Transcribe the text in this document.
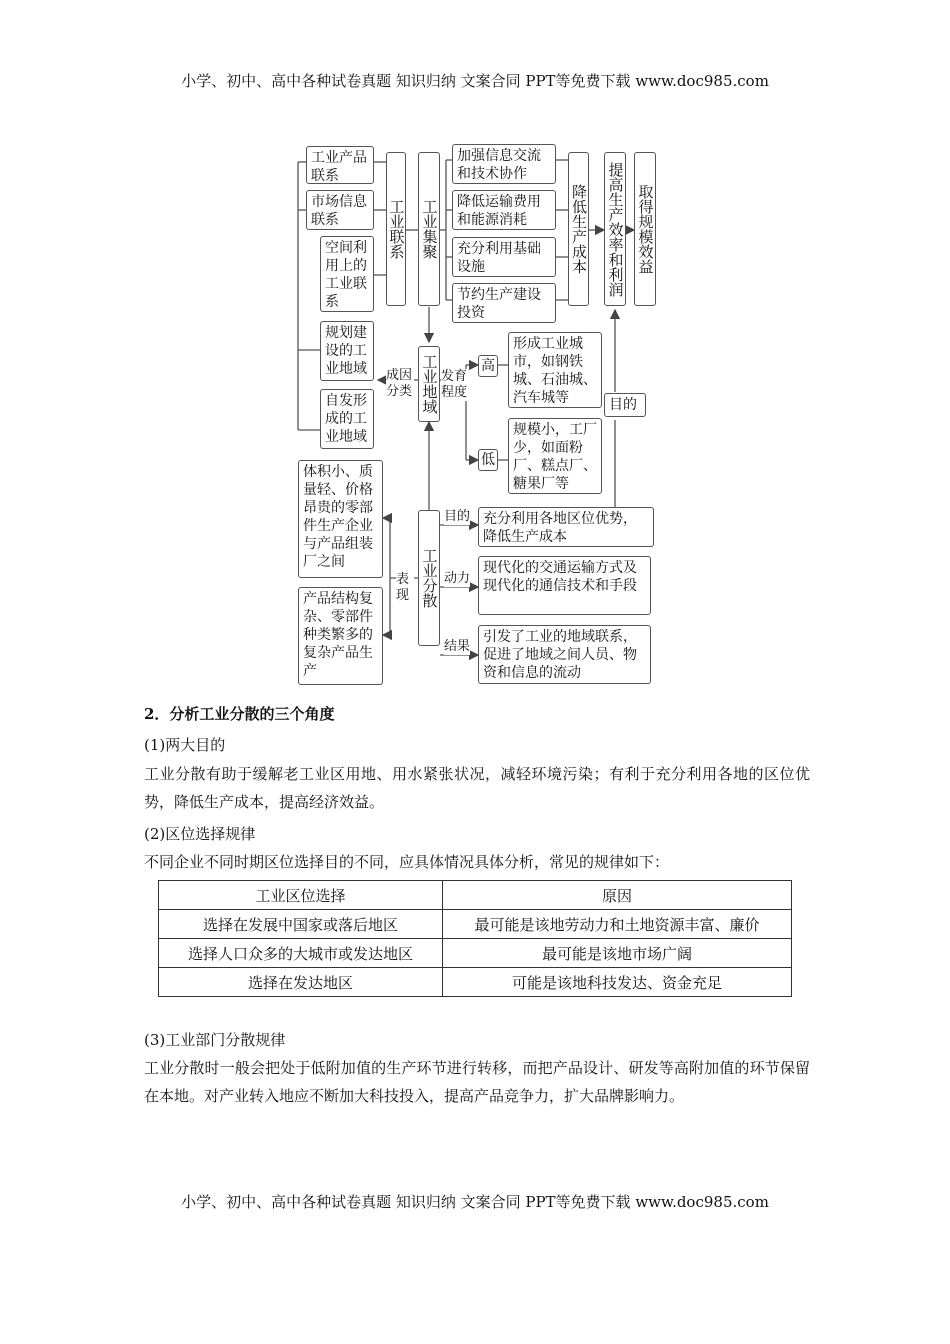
小学、初中、高中各种试卷真题 知识归纳 文案合同 PPT等免费下载 www.doc985.com
工业产品联系
市场信息联系
空间利用上的工业联系
工业联系 工业集聚
加强信息交流和技术协作
降低运输费用和能源消耗
充分利用基础设施
节约生产建设投资
降低生产成本 提高生产效率和利润 取得规模效益
规划建设的工业地域
自发形成的工业地域
成因分类 工业地域 发育程度
高
低
形成工业城市，如钢铁城、石油城、汽车城等
规模小，工厂少，如面粉厂、糕点厂、糖果厂等
目的
体积小、质量轻、价格昂贵的零部件生产企业与产品组装厂之间
产品结构复杂、零部件种类繁多的复杂产品生产
表现 工业分散
目的
动力
结果
充分利用各地区位优势，降低生产成本
现代化的交通运输方式及现代化的通信技术和手段
引发了工业的地域联系，促进了地域之间人员、物资和信息的流动
2．分析工业分散的三个角度
(1)两大目的
工业分散有助于缓解老工业区用地、用水紧张状况，减轻环境污染；有利于充分利用各地的区位优势，降低生产成本，提高经济效益。
(2)区位选择规律
不同企业不同时期区位选择目的不同，应具体情况具体分析，常见的规律如下：
工业区位选择	原因
选择在发展中国家或落后地区	最可能是该地劳动力和土地资源丰富、廉价
选择人口众多的大城市或发达地区	最可能是该地市场广阔
选择在发达地区	可能是该地科技发达、资金充足
(3)工业部门分散规律
工业分散时一般会把处于低附加值的生产环节进行转移，而把产品设计、研发等高附加值的环节保留在本地。对产业转入地应不断加大科技投入，提高产品竞争力，扩大品牌影响力。
小学、初中、高中各种试卷真题 知识归纳 文案合同 PPT等免费下载 www.doc985.com
